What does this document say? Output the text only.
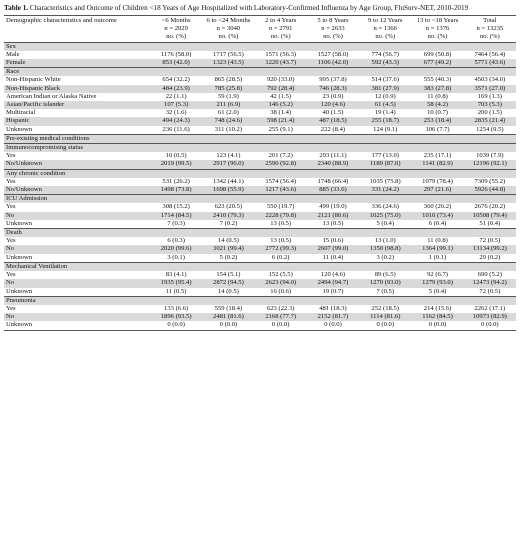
Table 1. Characteristics and Outcome of Children <18 Years of Age Hospitalized with Laboratory-Confirmed Influenza by Age Group, FluSurv-NET, 2010-2019
Demographic characteristics and outcome	<6 Months	6 to <24 Months	2 to 4 Years	5 to 8 Years	9 to 12 Years	13 to <18 Years	Total
	n = 2029	n = 3040	n = 2791	n = 2633	n = 1366	n = 1376	n = 13235
	no. (%)	no. (%)	no. (%)	no. (%)	no. (%)	no. (%)	no. (%)
Sex							
Male	1176 (58.0)	1717 (56.5)	1571 (56.3)	1527 (58.0)	774 (56.7)	699 (50.8)	7464 (56.4)
Female	853 (42.0)	1323 (43.5)	1220 (43.7)	1106 (42.0)	592 (43.3)	677 (49.2)	5771 (43.6)
Race							
Non-Hispanic White	654 (32.2)	865 (28.5)	920 (33.0)	995 (37.8)	514 (37.6)	555 (40.3)	4503 (34.0)
Non-Hispanic Black	484 (23.9)	785 (25.8)	792 (28.4)	746 (28.3)	381 (27.9)	383 (27.8)	3571 (27.0)
American Indian or Alaska Native	22 (1.1)	59 (1.9)	42 (1.5)	23 (0.9)	12 (0.9)	11 (0.8)	169 (1.3)
Asian/Pacific islander	107 (5.3)	211 (6.9)	146 (5.2)	120 (4.6)	61 (4.5)	58 (4.2)	703 (5.3)
Multiracial	32 (1.6)	61 (2.0)	38 (1.4)	40 (1.5)	19 (1.4)	10 (0.7)	200 (1.5)
Hispanic	494 (24.3)	748 (24.6)	598 (21.4)	487 (18.5)	255 (18.7)	253 (18.4)	2835 (21.4)
Unknown	236 (11.6)	311 (10.2)	255 (9.1)	222 (8.4)	124 (9.1)	106 (7.7)	1254 (9.5)
Pre-existing medical conditions							
Immunocompromising status							
Yes	10 (0.5)	123 (4.1)	201 (7.2)	293 (11.1)	177 (13.0)	235 (17.1)	1039 (7.9)
No/Unknown	2019 (99.5)	2917 (96.0)	2590 (92.8)	2340 (88.9)	1189 (87.0)	1141 (82.9)	12196 (92.1)
Any chronic condition							
Yes	531 (26.2)	1342 (44.1)	1574 (56.4)	1748 (66.4)	1035 (75.8)	1079 (78.4)	7309 (55.2)
No/Unknown	1498 (73.8)	1698 (55.9)	1217 (43.6)	885 (33.6)	331 (24.2)	297 (21.6)	5926 (44.8)
ICU Admission							
Yes	308 (15.2)	623 (20.5)	550 (19.7)	499 (19.0)	336 (24.6)	360 (26.2)	2676 (20.2)
No	1714 (84.5)	2410 (79.3)	2228 (79.8)	2121 (80.6)	1025 (75.0)	1010 (73.4)	10508 (79.4)
Unknown	7 (0.3)	7 (0.2)	13 (0.5)	13 (0.5)	5 (0.4)	6 (0.4)	51 (0.4)
Death							
Yes	6 (0.3)	14 (0.5)	13 (0.5)	15 (0.6)	13 (1.0)	11 (0.8)	72 (0.5)
No	2020 (99.6)	3021 (99.4)	2772 (99.3)	2607 (99.0)	1350 (98.8)	1364 (99.1)	13134 (99.2)
Unknown	3 (0.1)	5 (0.2)	6 (0.2)	11 (0.4)	3 (0.2)	1 (0.1)	29 (0.2)
Mechanical Ventilation							
Yes	83 (4.1)	154 (5.1)	152 (5.5)	120 (4.6)	89 (6.5)	92 (6.7)	690 (5.2)
No	1935 (95.4)	2872 (94.5)	2623 (94.0)	2494 (94.7)	1270 (93.0)	1279 (93.0)	12473 (94.2)
Unknown	11 (0.5)	14 (0.5)	16 (0.6)	19 (0.7)	7 (0.5)	5 (0.4)	72 (0.5)
Pneumonia							
Yes	133 (6.6)	559 (18.4)	623 (22.3)	481 (18.3)	252 (18.5)	214 (15.6)	2262 (17.1)
No	1896 (93.5)	2481 (81.6)	2168 (77.7)	2152 (81.7)	1114 (81.6)	1162 (84.5)	10973 (82.9)
Unknown	0 (0.0)	0 (0.0)	0 (0.0)	0 (0.0)	0 (0.0)	0 (0.0)	0 (0.0)
